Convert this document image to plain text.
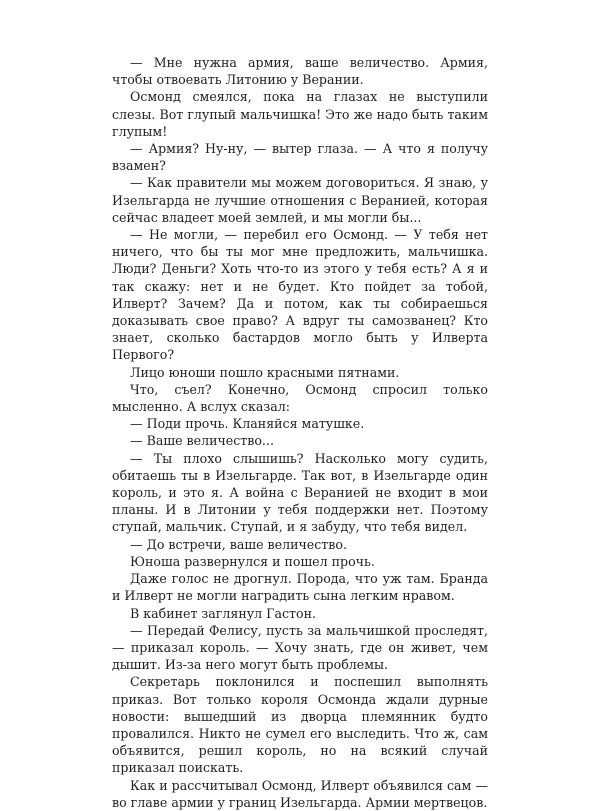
— Мне нужна армия, ваше величество. Армия, чтобы отвоевать Литонию у Верании.

Осмонд смеялся, пока на глазах не выступили слезы. Вот глупый мальчишка! Это же надо быть таким глупым!

— Армия? Ну-ну, — вытер глаза. — А что я получу взамен?

— Как правители мы можем договориться. Я знаю, у Изельгарда не лучшие отношения с Веранией, которая сейчас владеет моей землей, и мы могли бы...

— Не могли, — перебил его Осмонд. — У тебя нет ничего, что бы ты мог мне предложить, мальчишка. Люди? Деньги? Хоть что-то из этого у тебя есть? А я и так скажу: нет и не будет. Кто пойдет за тобой, Илверт? Зачем? Да и потом, как ты собираешься доказывать свое право? А вдруг ты самозванец? Кто знает, сколько бастардов могло быть у Илверта Первого?

Лицо юноши пошло красными пятнами.

Что, съел? Конечно, Осмонд спросил только мысленно. А вслух сказал:

— Поди прочь. Кланяйся матушке.

— Ваше величество...

— Ты плохо слышишь? Насколько могу судить, обитаешь ты в Изельгарде. Так вот, в Изельгарде один король, и это я. А война с Веранией не входит в мои планы. И в Литонии у тебя поддержки нет. Поэтому ступай, мальчик. Ступай, и я забуду, что тебя видел.

— До встречи, ваше величество.

Юноша развернулся и пошел прочь.

Даже голос не дрогнул. Порода, что уж там. Бранда и Илверт не могли наградить сына легким нравом.

В кабинет заглянул Гастон.

— Передай Фелису, пусть за мальчишкой проследят, — приказал король. — Хочу знать, где он живет, чем дышит. Из-за него могут быть проблемы.

Секретарь поклонился и поспешил выполнять приказ. Вот только короля Осмонда ждали дурные новости: вышедший из дворца племянник будто провалился. Никто не сумел его выследить. Что ж, сам объявится, решил король, но на всякий случай приказал поискать.

Как и рассчитывал Осмонд, Илверт объявился сам — во главе армии у границ Изельгарда. Армии мертвецов.
